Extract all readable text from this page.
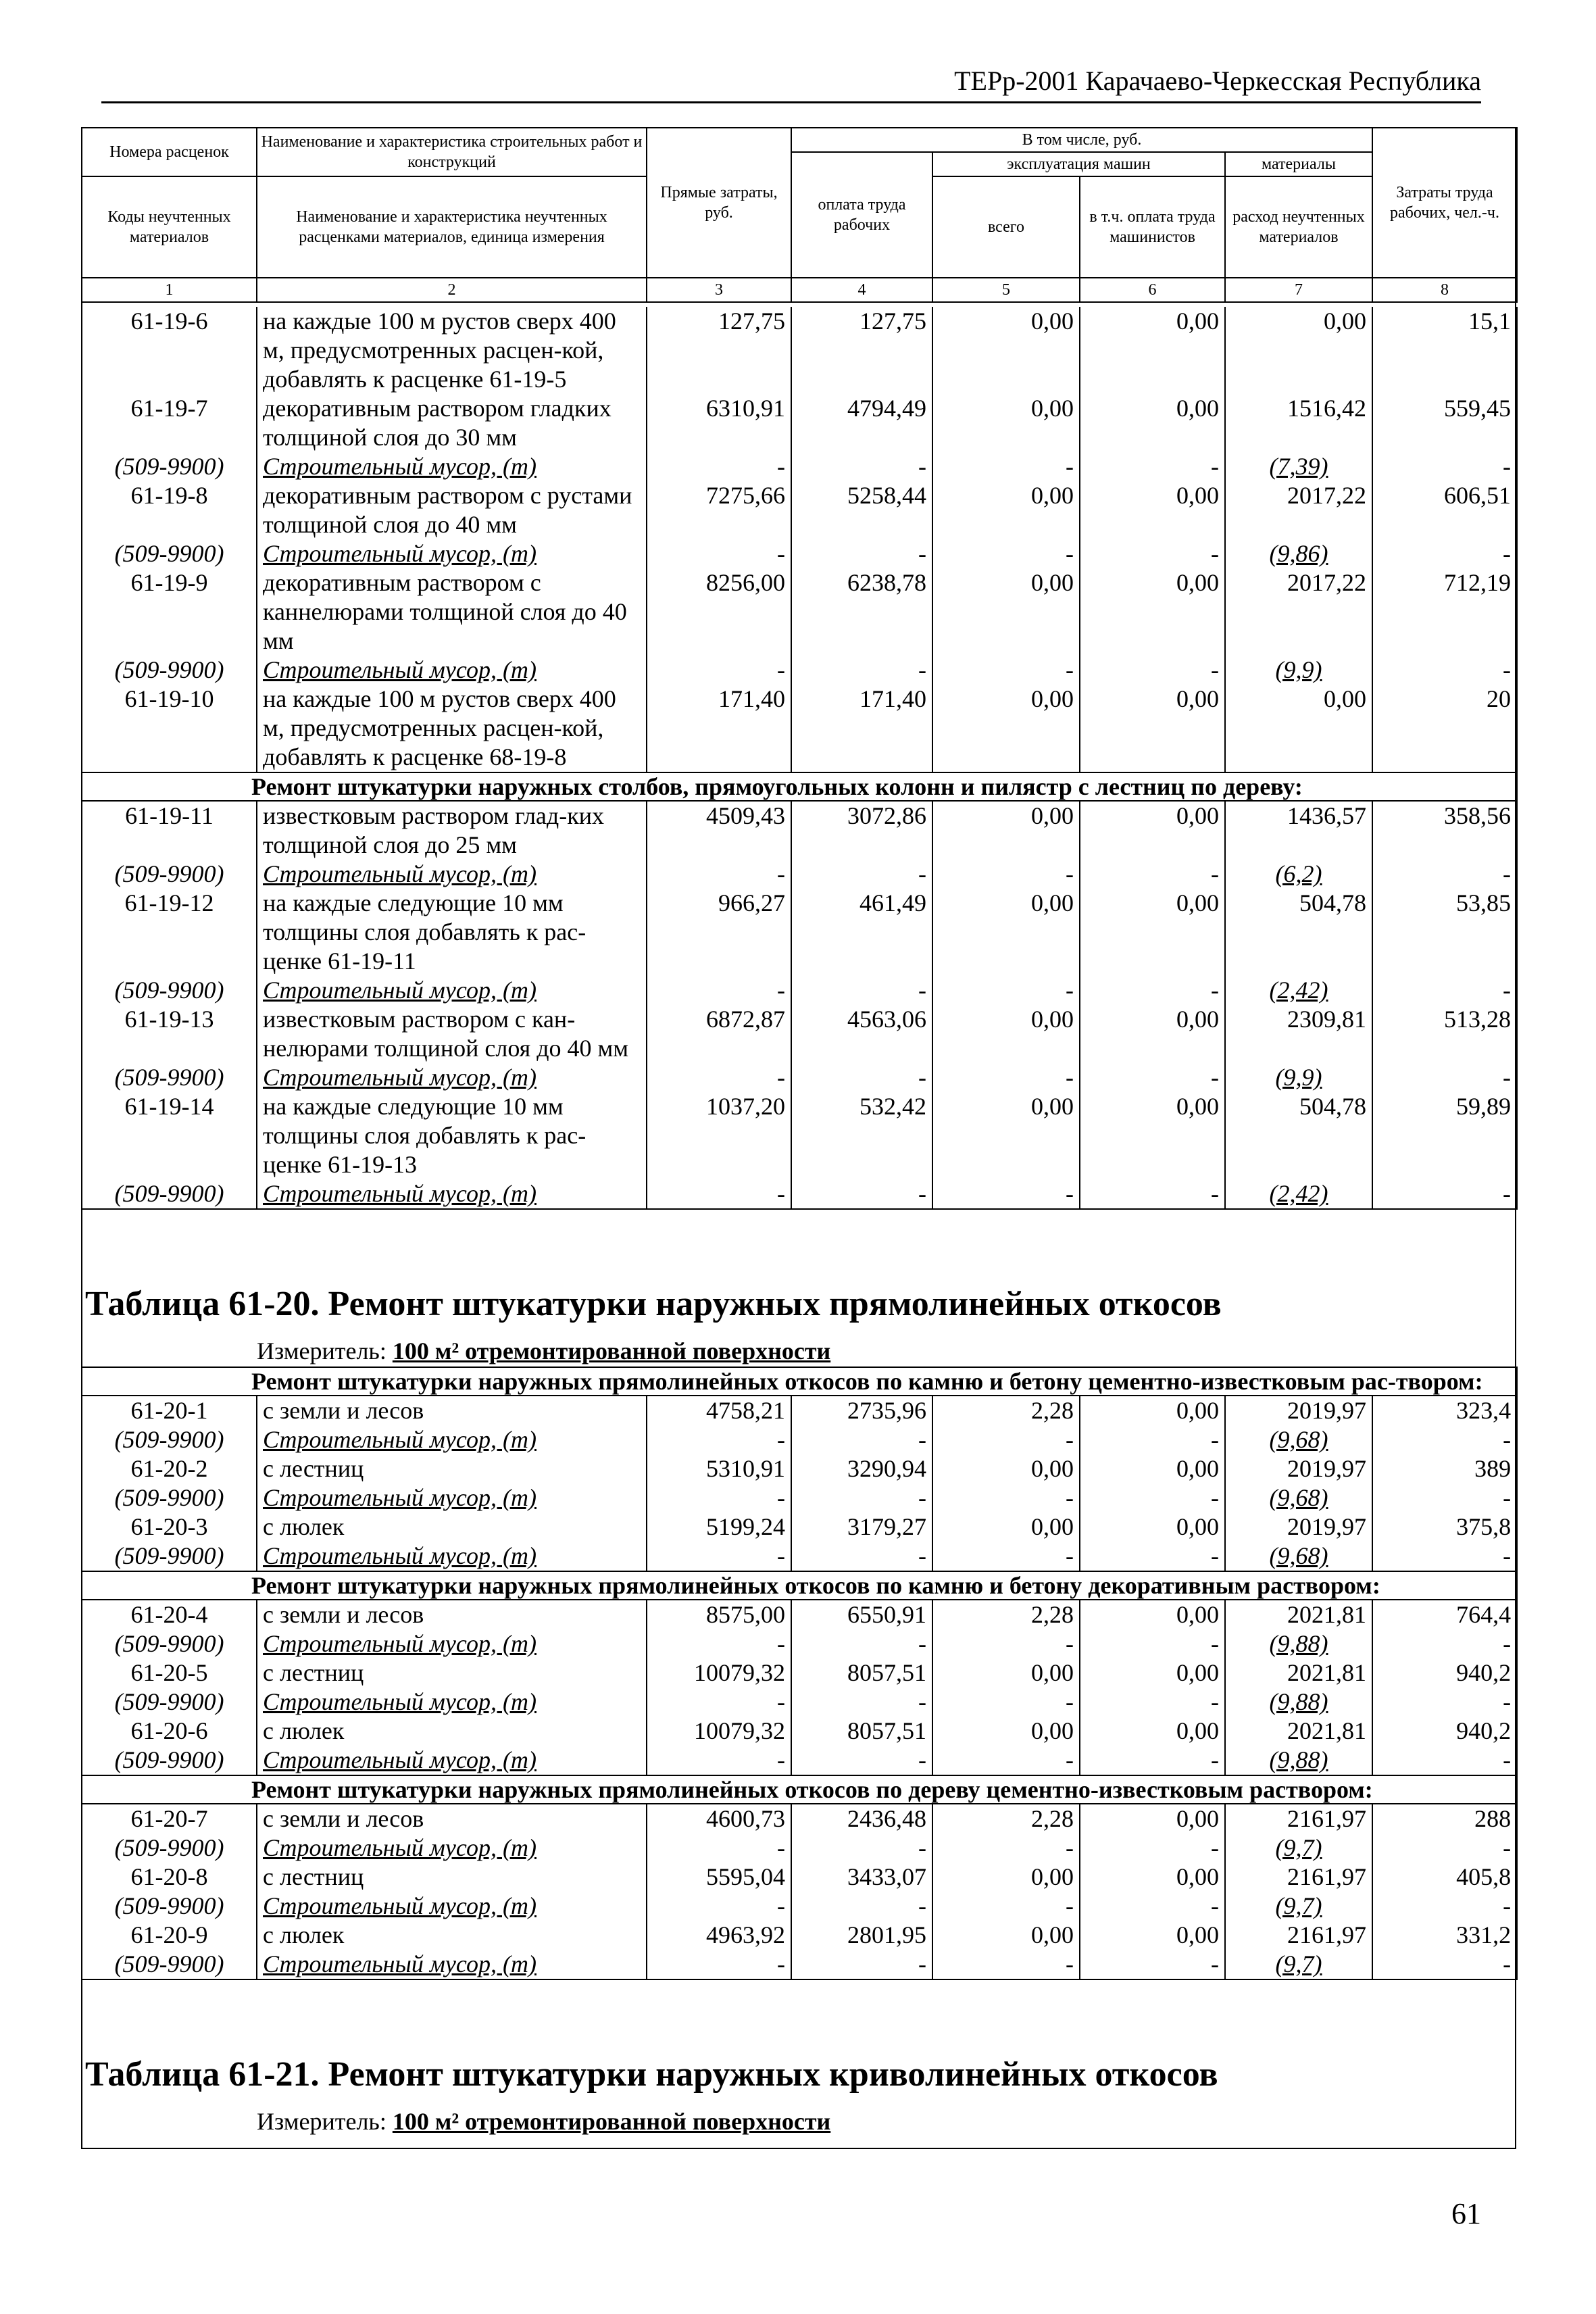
ТЕРр-2001 Карачаево-Черкесская Республика
Номера расценок	Наименование и характеристика строительных работ и конструкций	Прямые затраты, руб.	В том числе, руб.				Затраты труда рабочих, чел.-ч.
			оплата труда рабочих	эксплуатация машин		материалы	
Коды неучтенных материалов	Наименование и характеристика неучтенных расценками материалов, единица измерения			всего	в т.ч. оплата труда машинистов	расход неучтенных материалов	
1	2	3	4	5	6	7	8
61-19-6	на каждые 100 м рустов сверх 400 м, предусмотренных расцен-кой, добавлять к расценке 61-19-5	127,75	127,75	0,00	0,00	0,00	15,1
61-19-7	декоративным раствором гладких толщиной слоя до 30 мм	6310,91	4794,49	0,00	0,00	1516,42	559,45
(509-9900)	Строительный мусор, (т)	-	-	-	-	(7,39)	-
61-19-8	декоративным раствором с рустами толщиной слоя до 40 мм	7275,66	5258,44	0,00	0,00	2017,22	606,51
(509-9900)	Строительный мусор, (т)	-	-	-	-	(9,86)	-
61-19-9	декоративным раствором с каннелюрами толщиной слоя до 40 мм	8256,00	6238,78	0,00	0,00	2017,22	712,19
(509-9900)	Строительный мусор, (т)	-	-	-	-	(9,9)	-
61-19-10	на каждые 100 м рустов сверх 400 м, предусмотренных расцен-кой, добавлять к расценке 68-19-8	171,40	171,40	0,00	0,00	0,00	20
Ремонт штукатурки наружных столбов, прямоугольных колонн и пилястр с лестниц по дереву:							
61-19-11	известковым раствором глад-ких толщиной слоя до 25 мм	4509,43	3072,86	0,00	0,00	1436,57	358,56
(509-9900)	Строительный мусор, (т)	-	-	-	-	(6,2)	-
61-19-12	на каждые следующие 10 мм толщины слоя добавлять к рас-ценке 61-19-11	966,27	461,49	0,00	0,00	504,78	53,85
(509-9900)	Строительный мусор, (т)	-	-	-	-	(2,42)	-
61-19-13	известковым раствором с кан-нелюрами толщиной слоя до 40 мм	6872,87	4563,06	0,00	0,00	2309,81	513,28
(509-9900)	Строительный мусор, (т)	-	-	-	-	(9,9)	-
61-19-14	на каждые следующие 10 мм толщины слоя добавлять к рас-ценке 61-19-13	1037,20	532,42	0,00	0,00	504,78	59,89
(509-9900)	Строительный мусор, (т)	-	-	-	-	(2,42)	-
Таблица 61-20. Ремонт штукатурки наружных прямолинейных откосов
Измеритель: 100 м² отремонтированной поверхности
Ремонт штукатурки наружных прямолинейных откосов по камню и бетону цементно-известковым рас-твором:							
61-20-1	с земли и лесов	4758,21	2735,96	2,28	0,00	2019,97	323,4
(509-9900)	Строительный мусор, (т)	-	-	-	-	(9,68)	-
61-20-2	с лестниц	5310,91	3290,94	0,00	0,00	2019,97	389
(509-9900)	Строительный мусор, (т)	-	-	-	-	(9,68)	-
61-20-3	с люлек	5199,24	3179,27	0,00	0,00	2019,97	375,8
(509-9900)	Строительный мусор, (т)	-	-	-	-	(9,68)	-
Ремонт штукатурки наружных прямолинейных откосов по камню и бетону декоративным раствором:							
61-20-4	с земли и лесов	8575,00	6550,91	2,28	0,00	2021,81	764,4
(509-9900)	Строительный мусор, (т)	-	-	-	-	(9,88)	-
61-20-5	с лестниц	10079,32	8057,51	0,00	0,00	2021,81	940,2
(509-9900)	Строительный мусор, (т)	-	-	-	-	(9,88)	-
61-20-6	с люлек	10079,32	8057,51	0,00	0,00	2021,81	940,2
(509-9900)	Строительный мусор, (т)	-	-	-	-	(9,88)	-
Ремонт штукатурки наружных прямолинейных откосов по дереву цементно-известковым раствором:							
61-20-7	с земли и лесов	4600,73	2436,48	2,28	0,00	2161,97	288
(509-9900)	Строительный мусор, (т)	-	-	-	-	(9,7)	-
61-20-8	с лестниц	5595,04	3433,07	0,00	0,00	2161,97	405,8
(509-9900)	Строительный мусор, (т)	-	-	-	-	(9,7)	-
61-20-9	с люлек	4963,92	2801,95	0,00	0,00	2161,97	331,2
(509-9900)	Строительный мусор, (т)	-	-	-	-	(9,7)	-
Таблица 61-21. Ремонт штукатурки наружных криволинейных откосов
Измеритель: 100 м² отремонтированной поверхности
61
